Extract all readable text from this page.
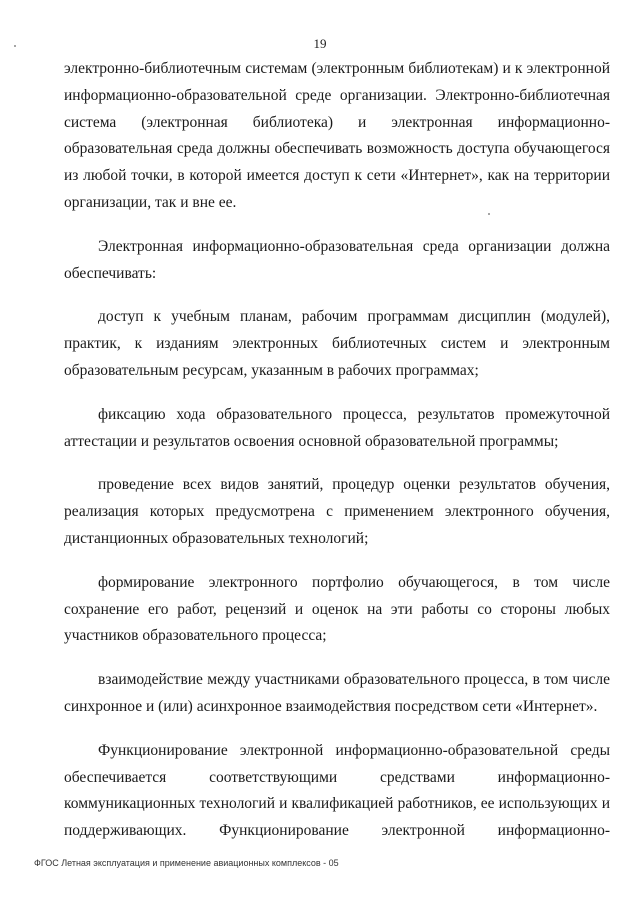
19

электронно-библиотечным системам (электронным библиотекам) и к электронной информационно-образовательной среде организации. Электронно-библиотечная система (электронная библиотека) и электронная информационно-образовательная среда должны обеспечивать возможность доступа обучающегося из любой точки, в которой имеется доступ к сети «Интернет», как на территории организации, так и вне ее.

Электронная информационно-образовательная среда организации должна обеспечивать:

доступ к учебным планам, рабочим программам дисциплин (модулей), практик, к изданиям электронных библиотечных систем и электронным образовательным ресурсам, указанным в рабочих программах;

фиксацию хода образовательного процесса, результатов промежуточной аттестации и результатов освоения основной образовательной программы;

проведение всех видов занятий, процедур оценки результатов обучения, реализация которых предусмотрена с применением электронного обучения, дистанционных образовательных технологий;

формирование электронного портфолио обучающегося, в том числе сохранение его работ, рецензий и оценок на эти работы со стороны любых участников образовательного процесса;

взаимодействие между участниками образовательного процесса, в том числе синхронное и (или) асинхронное взаимодействия посредством сети «Интернет».

Функционирование электронной информационно-образовательной среды обеспечивается соответствующими средствами информационно-коммуникационных технологий и квалификацией работников, ее использующих и поддерживающих. Функционирование электронной информационно-

ФГОС Летная эксплуатация и применение авиационных комплексов - 05
